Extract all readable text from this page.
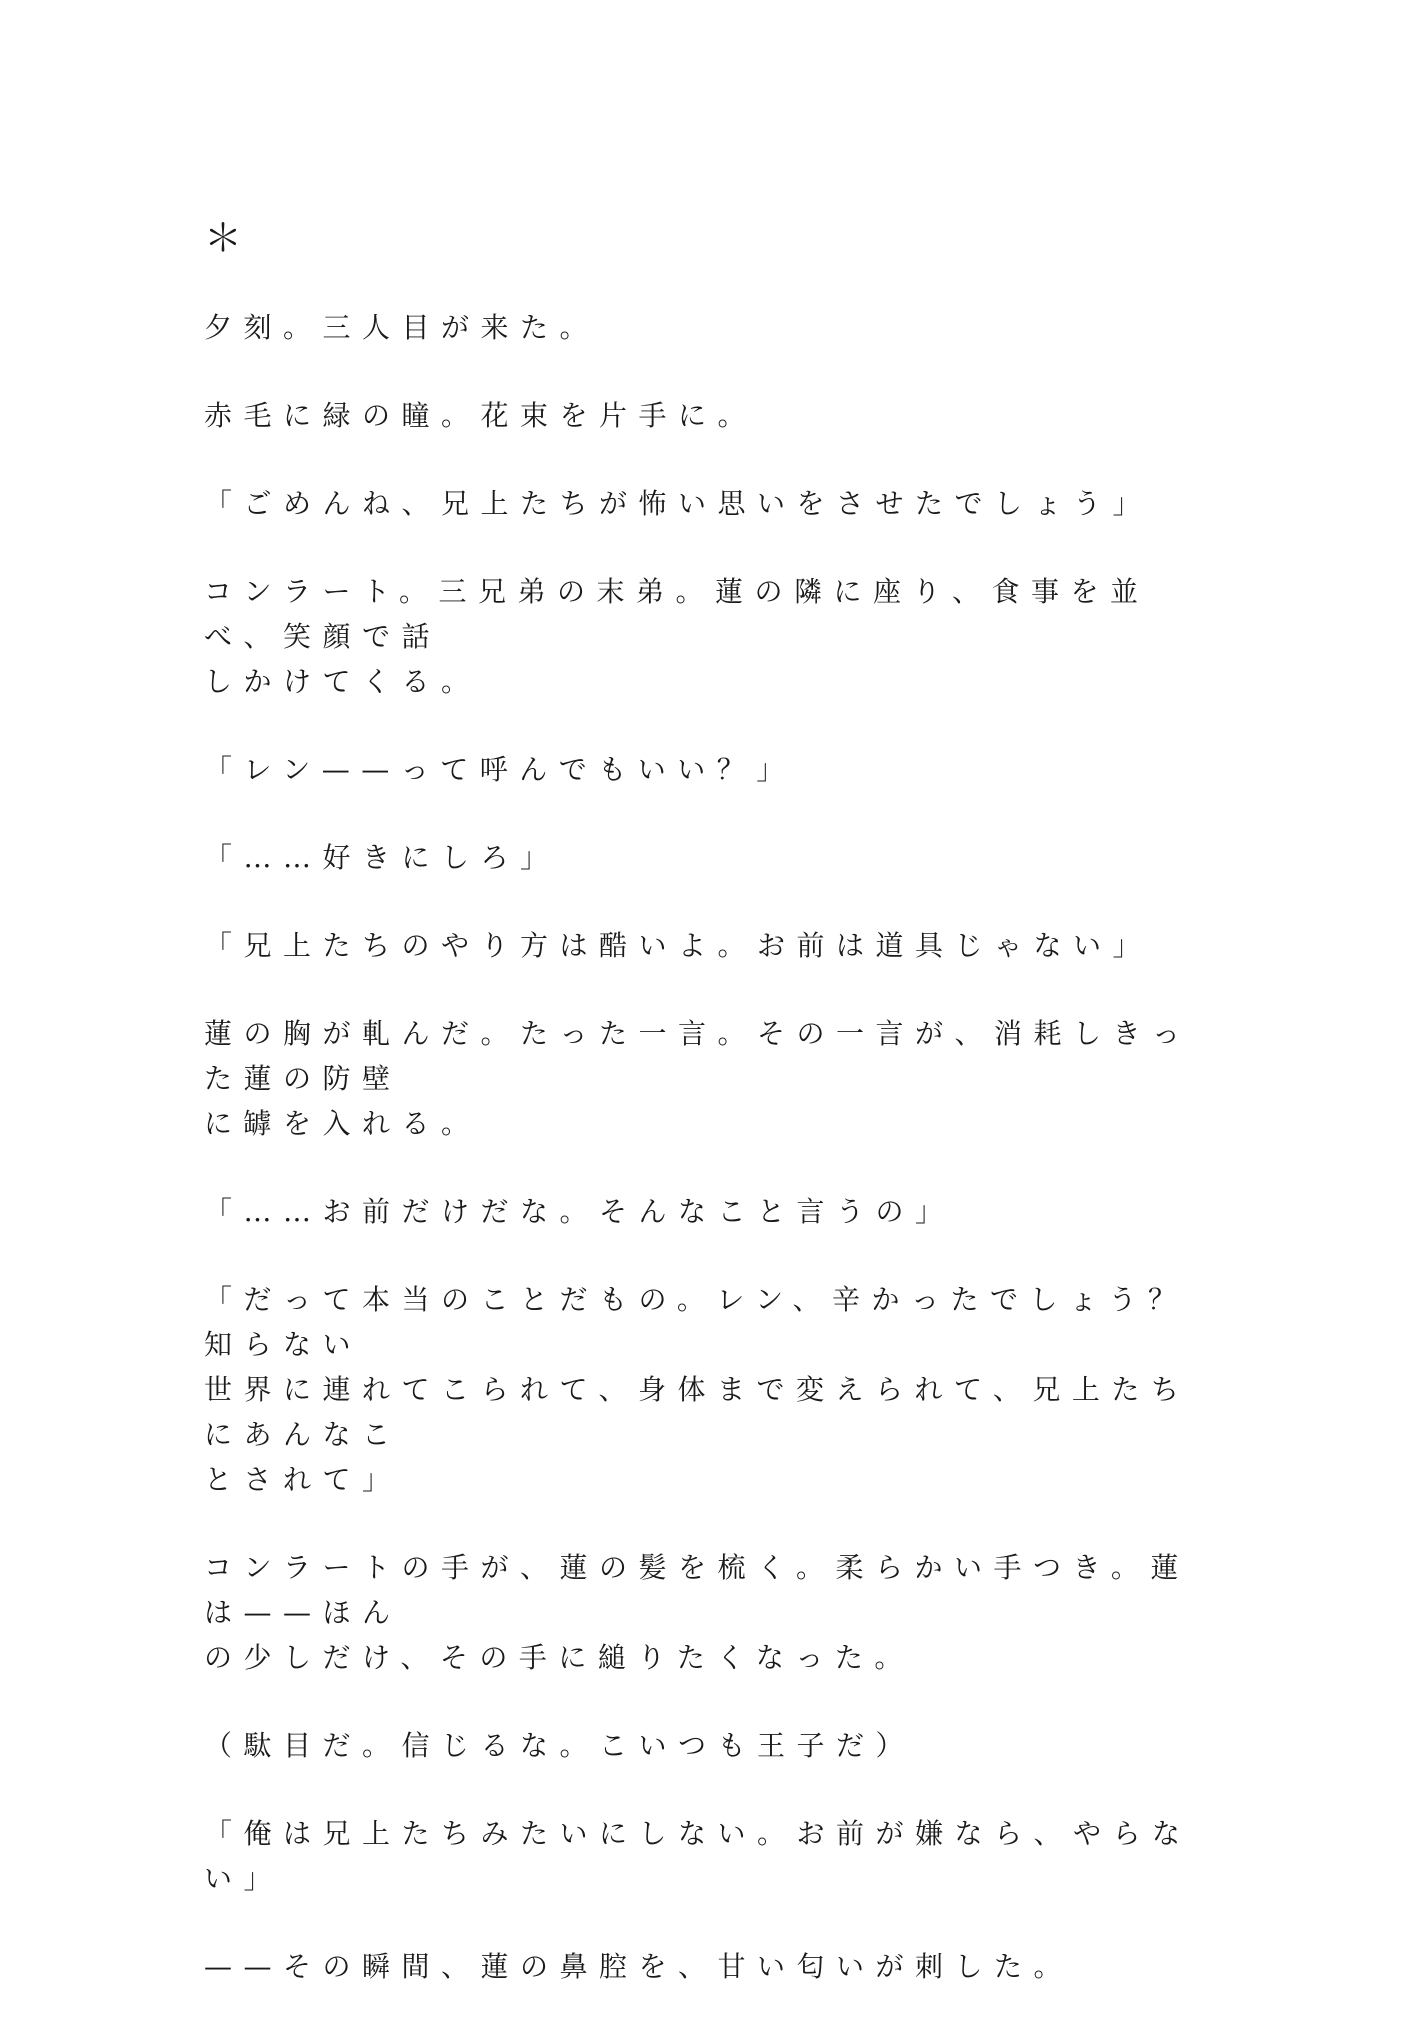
＊

夕刻。三人目が来た。

赤毛に緑の瞳。花束を片手に。

「ごめんね、兄上たちが怖い思いをさせたでしょう」

コンラート。三兄弟の末弟。蓮の隣に座り、食事を並べ、笑顔で話
しかけてくる。

「レン——って呼んでもいい？」

「……好きにしろ」

「兄上たちのやり方は酷いよ。お前は道具じゃない」

蓮の胸が軋んだ。たった一言。その一言が、消耗しきった蓮の防壁
に罅を入れる。

「……お前だけだな。そんなこと言うの」

「だって本当のことだもの。レン、辛かったでしょう？　知らない
世界に連れてこられて、身体まで変えられて、兄上たちにあんなこ
とされて」

コンラートの手が、蓮の髪を梳く。柔らかい手つき。蓮は——ほん
の少しだけ、その手に縋りたくなった。

（駄目だ。信じるな。こいつも王子だ）

「俺は兄上たちみたいにしない。お前が嫌なら、やらない」

——その瞬間、蓮の鼻腔を、甘い匂いが刺した。
